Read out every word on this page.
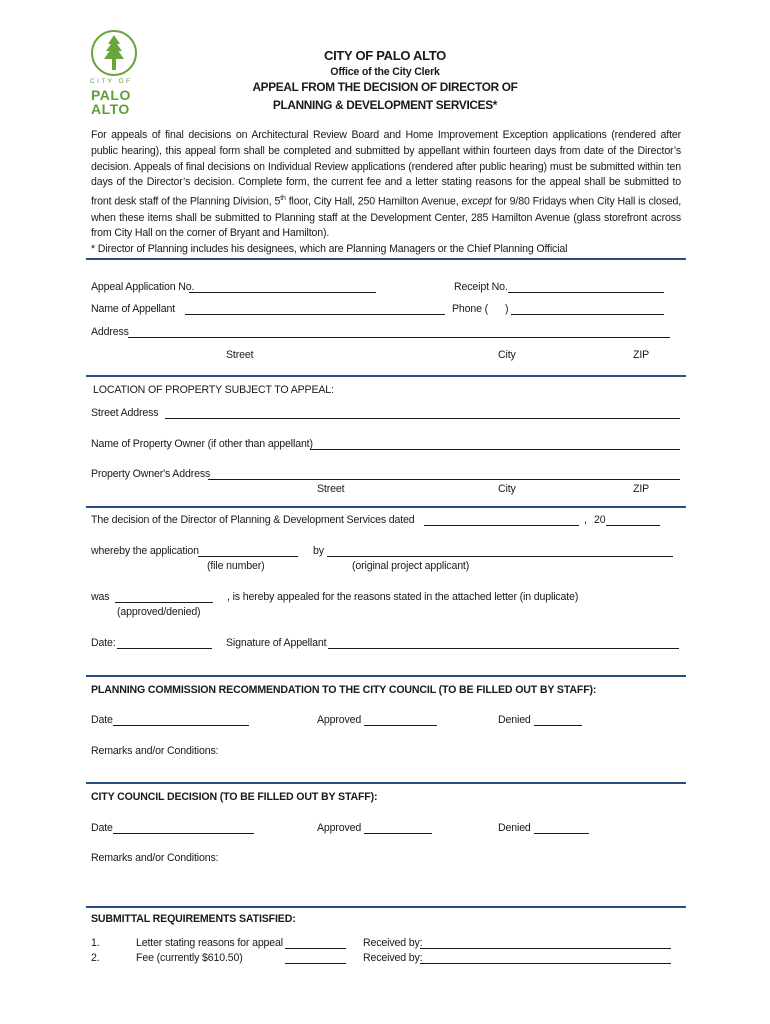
CITY OF
PALO
ALTO
CITY OF PALO ALTO
Office of the City Clerk
APPEAL FROM THE DECISION OF DIRECTOR OF
PLANNING & DEVELOPMENT SERVICES*

For appeals of final decisions on Architectural Review Board and Home Improvement Exception applications (rendered after public hearing), this appeal form shall be completed and submitted by appellant within fourteen days from date of the Director’s decision. Appeals of final decisions on Individual Review applications (rendered after public hearing) must be submitted within ten days of the Director’s decision. Complete form, the current fee and a letter stating reasons for the appeal shall be submitted to front desk staff of the Planning Division, 5th floor, City Hall, 250 Hamilton Avenue, except for 9/80 Fridays when City Hall is closed, when these items shall be submitted to Planning staff at the Development Center, 285 Hamilton Avenue (glass storefront across from City Hall on the corner of Bryant and Hamilton).

* Director of Planning includes his designees, which are Planning Managers or the Chief Planning Official

Appeal Application No.	Receipt No.
Name of Appellant	Phone ( )
Address
Street	City	ZIP
LOCATION OF PROPERTY SUBJECT TO APPEAL:
Street Address
Name of Property Owner (if other than appellant)
Property Owner's Address
Street	City	ZIP
The decision of the Director of Planning & Development Services dated	, 20
whereby the application	by
(file number)	(original project applicant)
was	, is hereby appealed for the reasons stated in the attached letter (in duplicate)
(approved/denied)
Date:	Signature of Appellant
PLANNING COMMISSION RECOMMENDATION TO THE CITY COUNCIL (TO BE FILLED OUT BY STAFF):
Date	Approved	Denied
Remarks and/or Conditions:
CITY COUNCIL DECISION (TO BE FILLED OUT BY STAFF):
Date	Approved	Denied
Remarks and/or Conditions:
SUBMITTAL REQUIREMENTS SATISFIED:
1.	Letter stating reasons for appeal	Received by:
2.	Fee (currently $610.50)	Received by:
